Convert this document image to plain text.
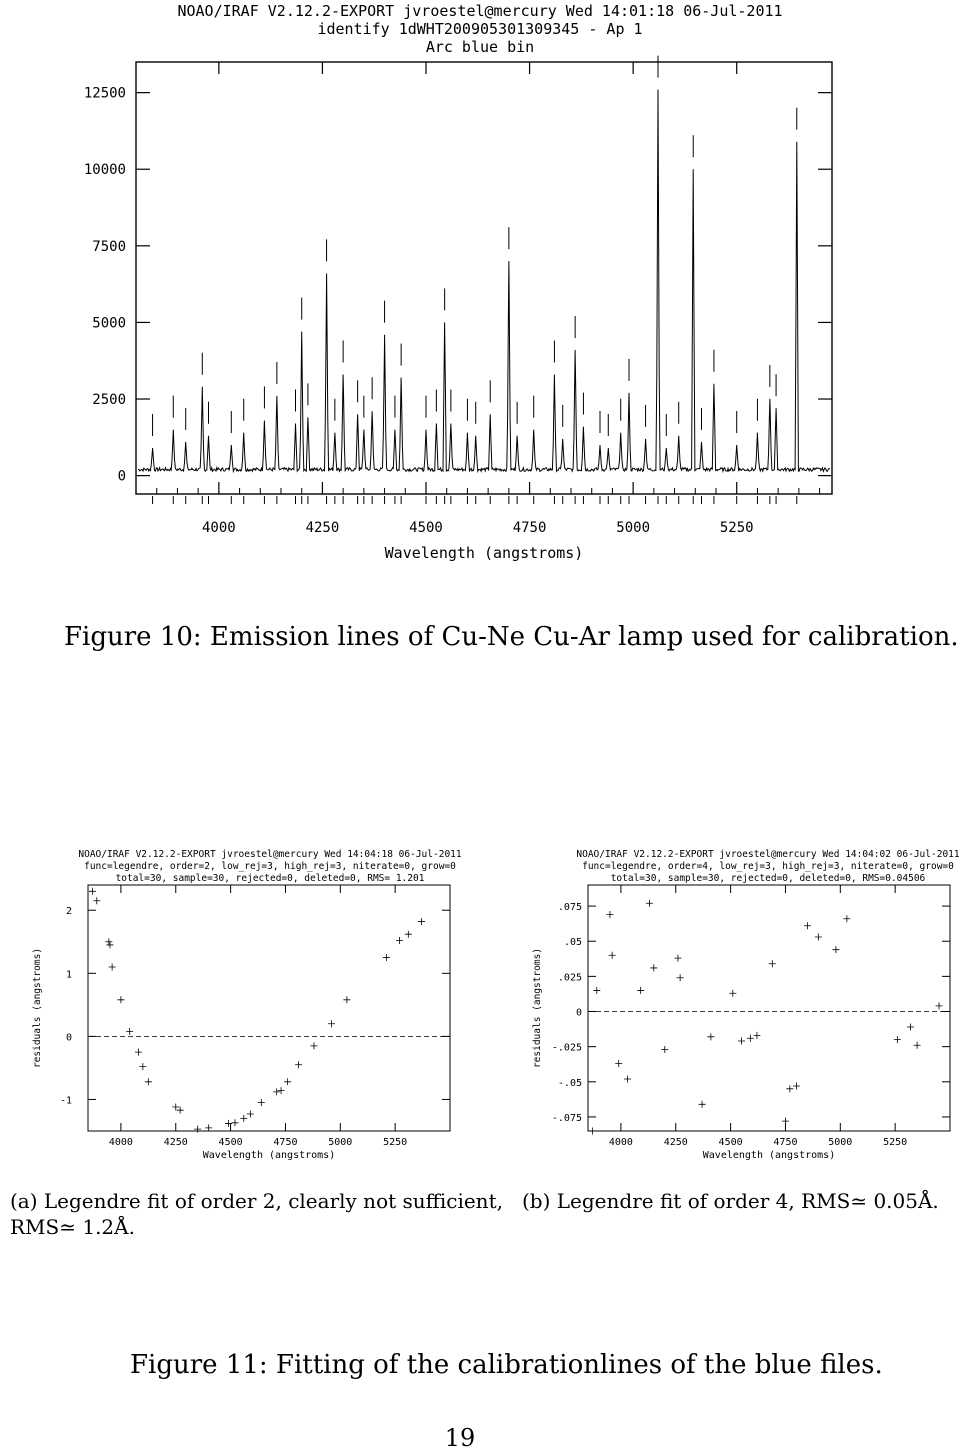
NOAO/IRAF V2.12.2-EXPORT jvroestel@mercury Wed 14:01:18 06-Jul-2011
identify 1dWHT200905301309345 - Ap 1
Arc blue bin
0
2500
5000
7500
10000
12500
4000	4250	4500	4750	5000	5250
Wavelength (angstroms)
Figure 10: Emission lines of Cu-Ne Cu-Ar lamp used for calibration.
NOAO/IRAF V2.12.2-EXPORT jvroestel@mercury Wed 14:04:18 06-Jul-2011
func=legendre, order=2, low_rej=3, high_rej=3, niterate=0, grow=0
total=30, sample=30, rejected=0, deleted=0, RMS= 1.201
2
1
0
-1
4000	4250	4500	4750	5000	5250
Wavelength (angstroms)
residuals (angstroms)
NOAO/IRAF V2.12.2-EXPORT jvroestel@mercury Wed 14:04:02 06-Jul-2011
func=legendre, order=4, low_rej=3, high_rej=3, niterate=0, grow=0
total=30, sample=30, rejected=0, deleted=0, RMS=0.04506
.075
.05
.025
0
-.025
-.05
-.075
4000	4250	4500	4750	5000	5250
Wavelength (angstroms)
residuals (angstroms)
(a) Legendre fit of order 2, clearly not sufficient,
RMS≃ 1.2Å.
(b) Legendre fit of order 4, RMS≃ 0.05Å.
Figure 11: Fitting of the calibrationlines of the blue files.
19
